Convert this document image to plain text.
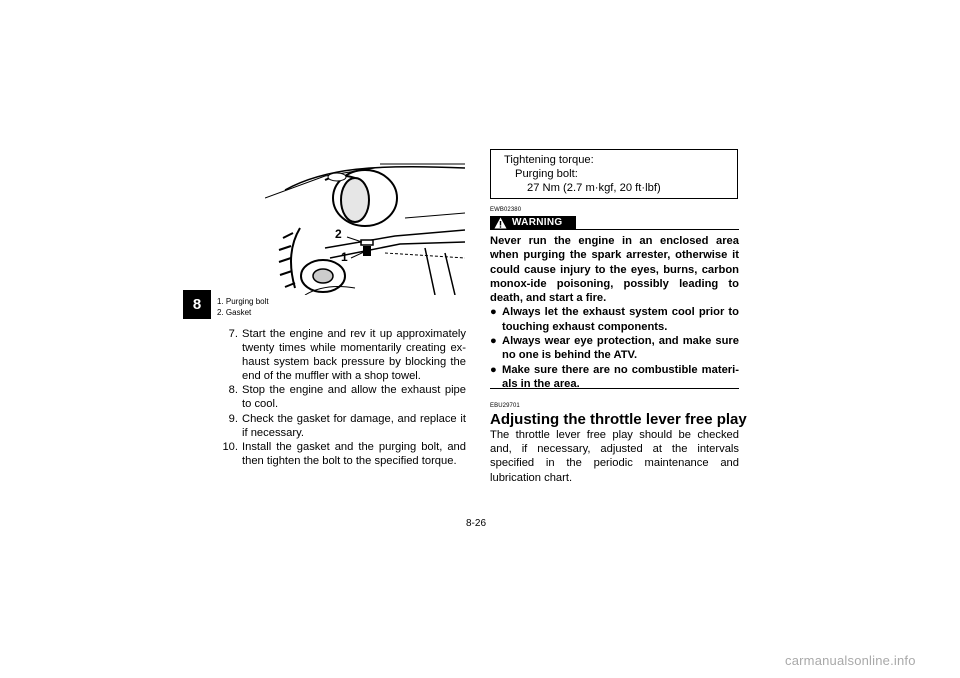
8
2
1
1. Purging bolt
2. Gasket
7. Start the engine and rev it up approximately twenty times while momentarily creating ex-haust system back pressure by blocking the end of the muffler with a shop towel.
8. Stop the engine and allow the exhaust pipe to cool.
9. Check the gasket for damage, and replace it if necessary.
10. Install the gasket and the purging bolt, and then tighten the bolt to the specified torque.
Tightening torque:
Purging bolt:
27 Nm (2.7 m·kgf, 20 ft·lbf)
EWB02380
WARNING

Never run the engine in an enclosed area when purging the spark arrester, otherwise it could cause injury to the eyes, burns, carbon monox-ide poisoning, possibly leading to death, and start a fire.

● Always let the exhaust system cool prior to touching exhaust components.

● Always wear eye protection, and make sure no one is behind the ATV.

● Make sure there are no combustible materi-als in the area.

EBU29701
Adjusting the throttle lever free play
The throttle lever free play should be checked and, if necessary, adjusted at the intervals specified in the periodic maintenance and lubrication chart.
8-26
carmanualsonline.info
